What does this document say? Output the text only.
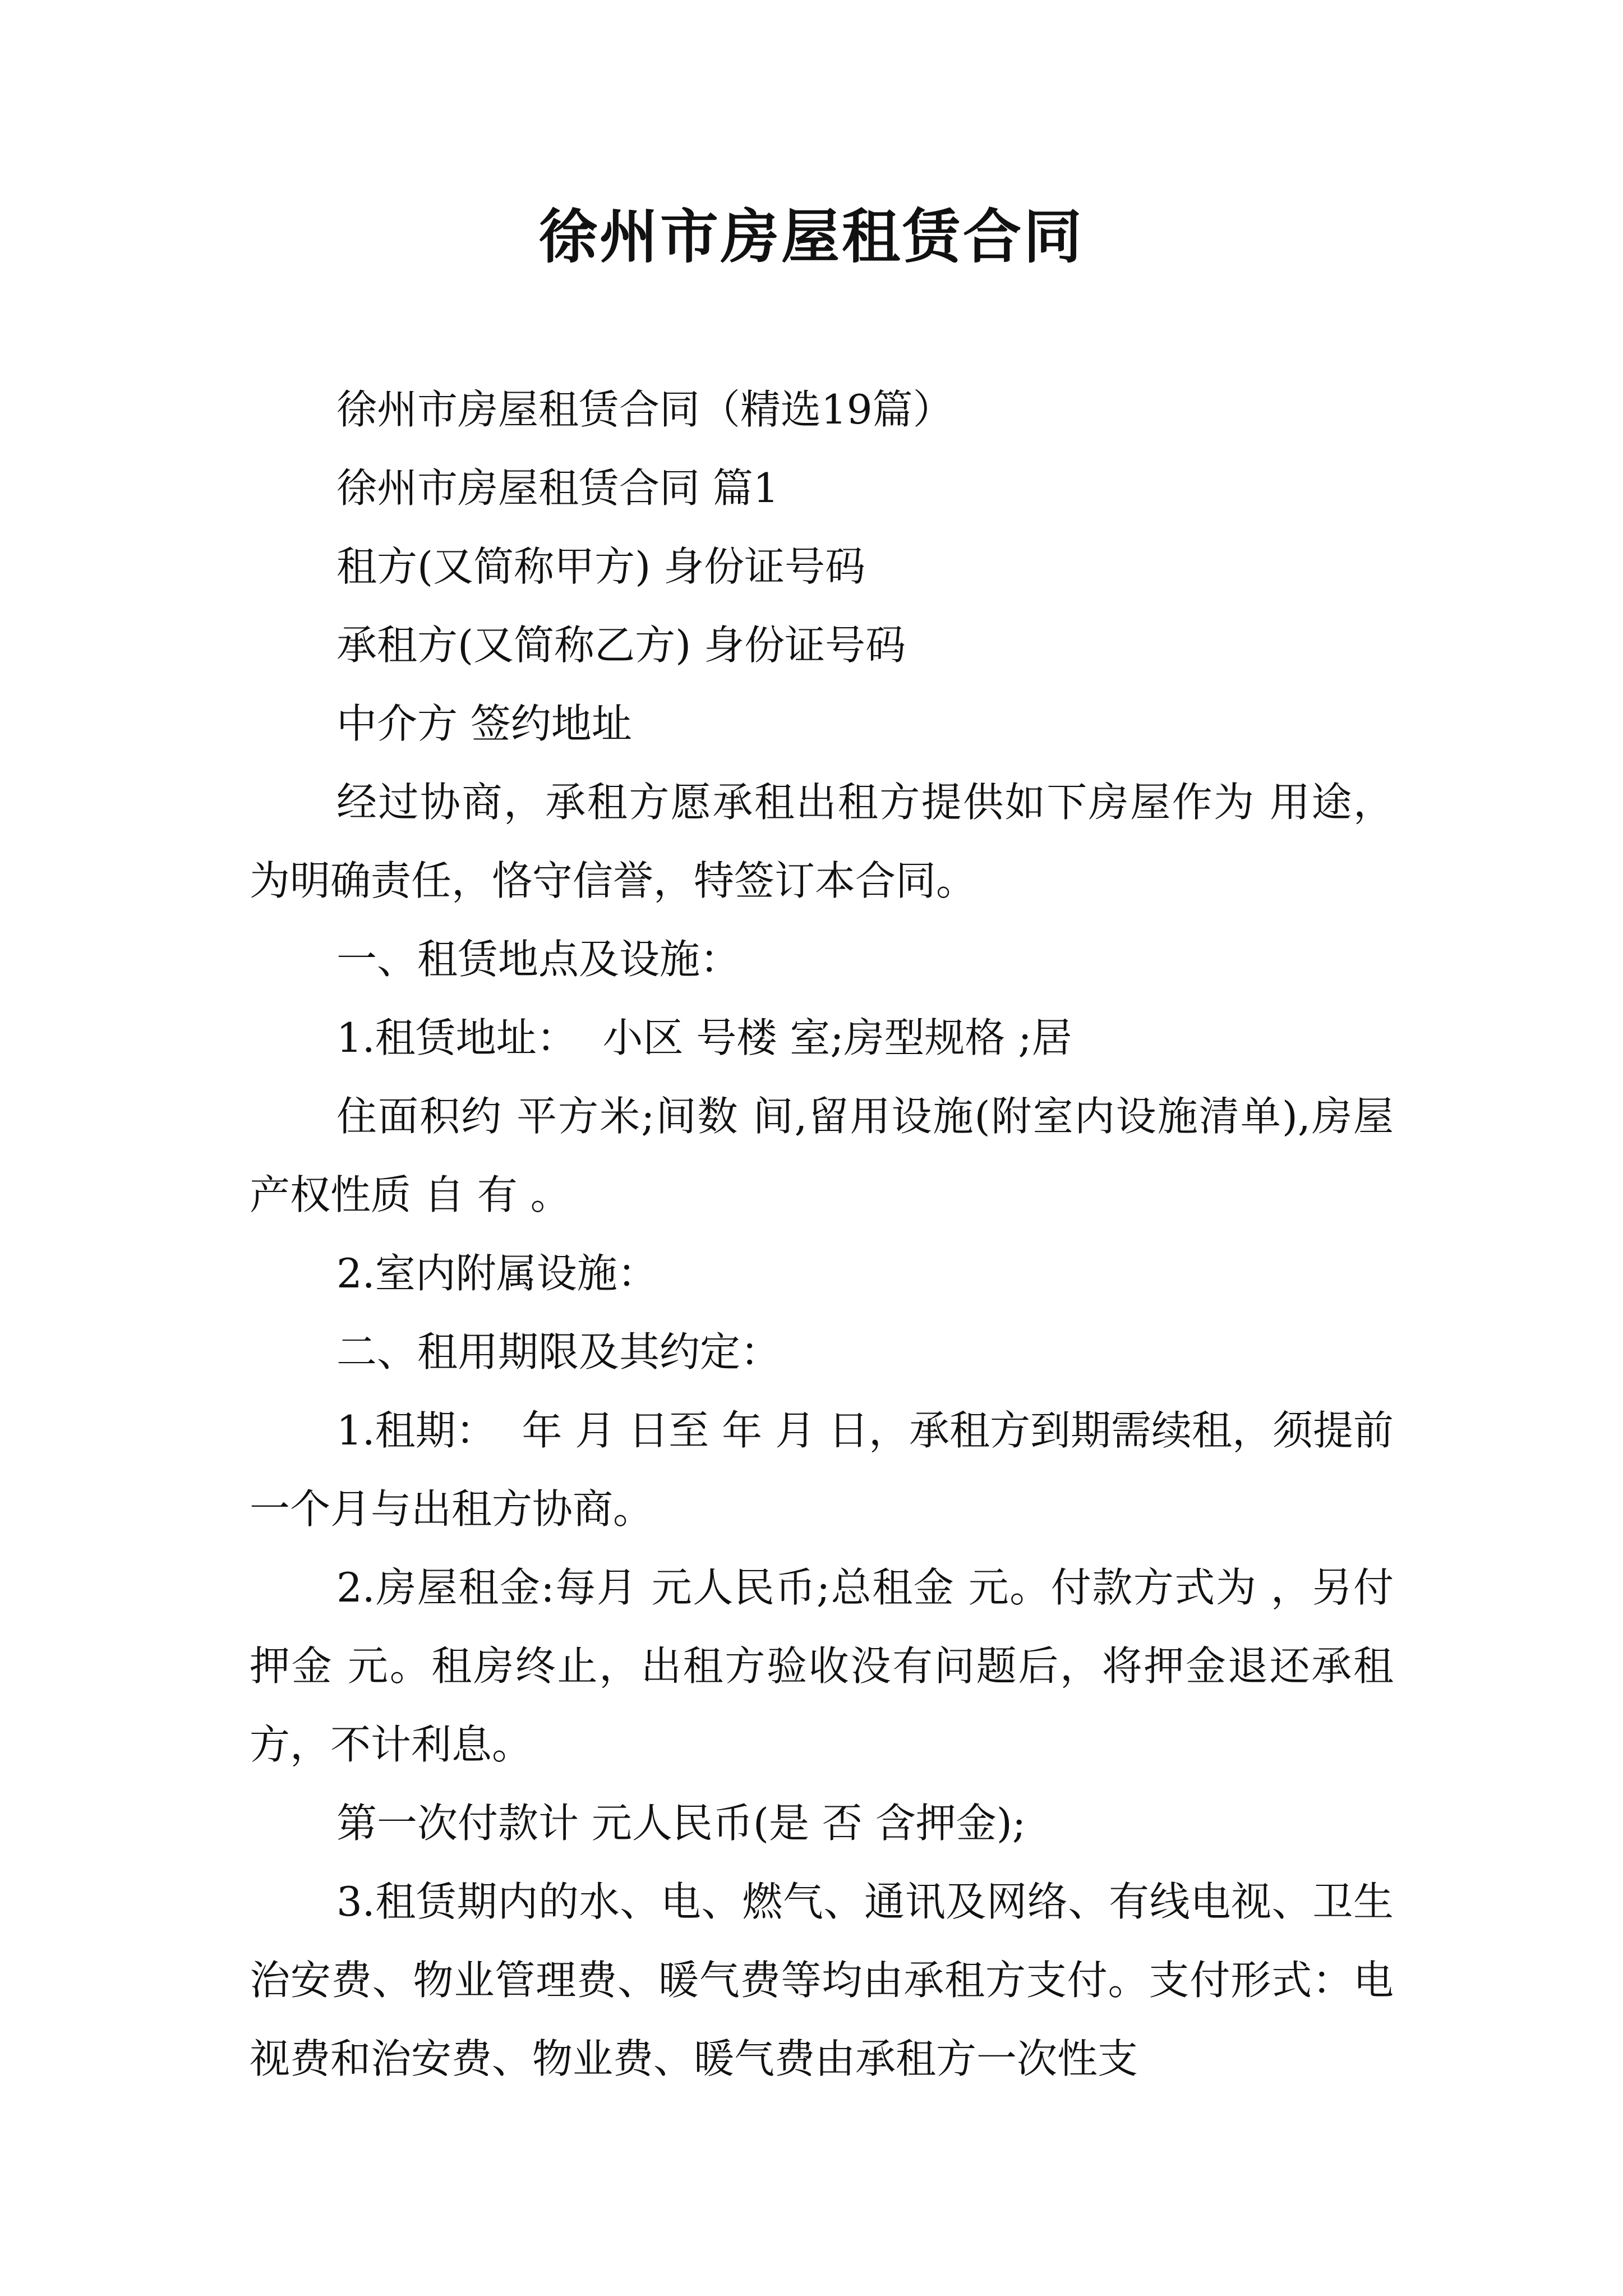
徐州市房屋租赁合同

徐州市房屋租赁合同（精选19篇）

徐州市房屋租赁合同 篇1

租方(又简称甲方) 身份证号码

承租方(又简称乙方) 身份证号码

中介方 签约地址

经过协商，承租方愿承租出租方提供如下房屋作为 用途，为明确责任，恪守信誉，特签订本合同。

一、租赁地点及设施：

1.租赁地址：  小区 号楼 室;房型规格 ;居

住面积约 平方米;间数 间,留用设施(附室内设施清单),房屋产权性质 自 有 。

2.室内附属设施：

二、租用期限及其约定：

1.租期：  年 月 日至 年 月 日，承租方到期需续租，须提前一个月与出租方协商。

2.房屋租金:每月 元人民币;总租金 元。付款方式为 ，另付押金 元。租房终止，出租方验收没有问题后，将押金退还承租方，不计利息。

第一次付款计 元人民币(是 否 含押金);

3.租赁期内的水、电、燃气、通讯及网络、有线电视、卫生治安费、物业管理费、暖气费等均由承租方支付。支付形式：电视费和治安费、物业费、暖气费由承租方一次性支
